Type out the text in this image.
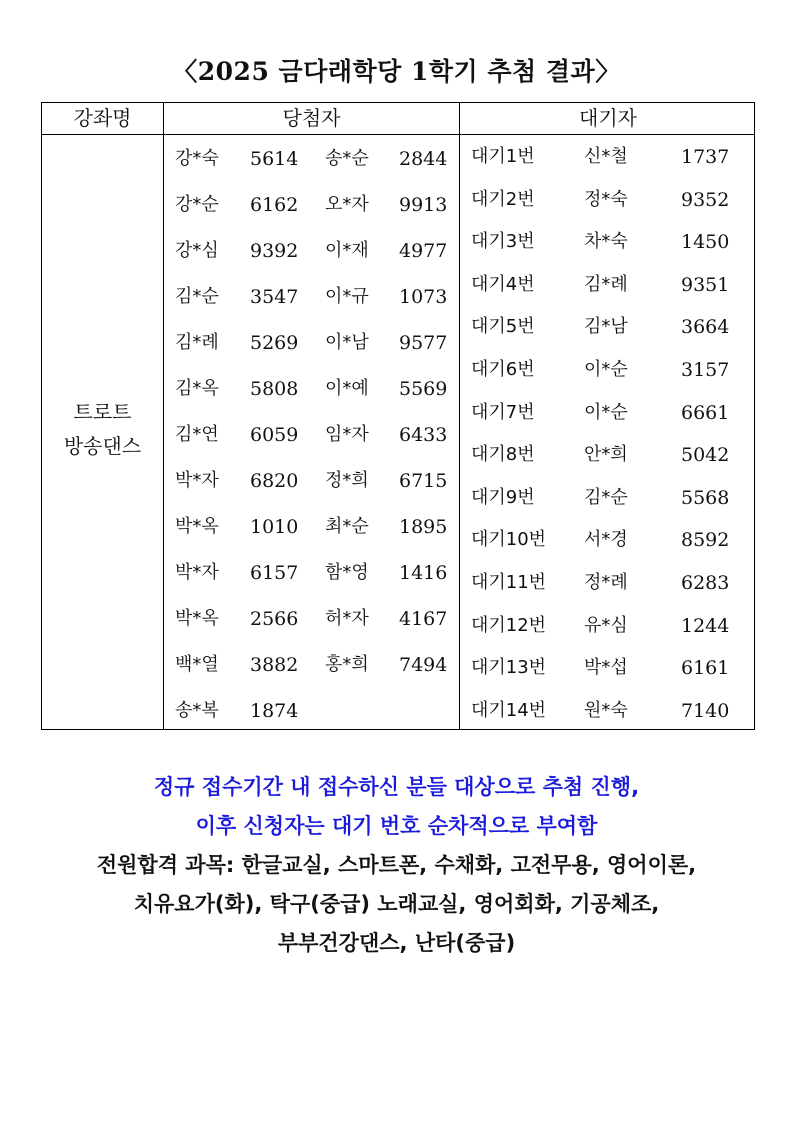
〈2025 금다래학당 1학기 추첨 결과〉
강좌명	당첨자	대기자
트로트
방송댄스
강*숙 5614 송*순 2844
강*순 6162 오*자 9913
강*심 9392 이*재 4977
김*순 3547 이*규 1073
김*례 5269 이*남 9577
김*옥 5808 이*예 5569
김*연 6059 임*자 6433
박*자 6820 정*희 6715
박*옥 1010 최*순 1895
박*자 6157 함*영 1416
박*옥 2566 허*자 4167
백*열 3882 홍*희 7494
송*복 1874
대기1번	신*철	1737
대기2번	정*숙	9352
대기3번	차*숙	1450
대기4번	김*례	9351
대기5번	김*남	3664
대기6번	이*순	3157
대기7번	이*순	6661
대기8번	안*희	5042
대기9번	김*순	5568
대기10번 서*경	8592
대기11번 정*례	6283
대기12번 유*심	1244
대기13번 박*섭	6161
대기14번 원*숙	7140
정규 접수기간 내 접수하신 분들 대상으로 추첨 진행,
이후 신청자는 대기 번호 순차적으로 부여함
전원합격 과목: 한글교실, 스마트폰, 수채화, 고전무용, 영어이론,
치유요가(화), 탁구(중급) 노래교실, 영어회화, 기공체조,
부부건강댄스, 난타(중급)
